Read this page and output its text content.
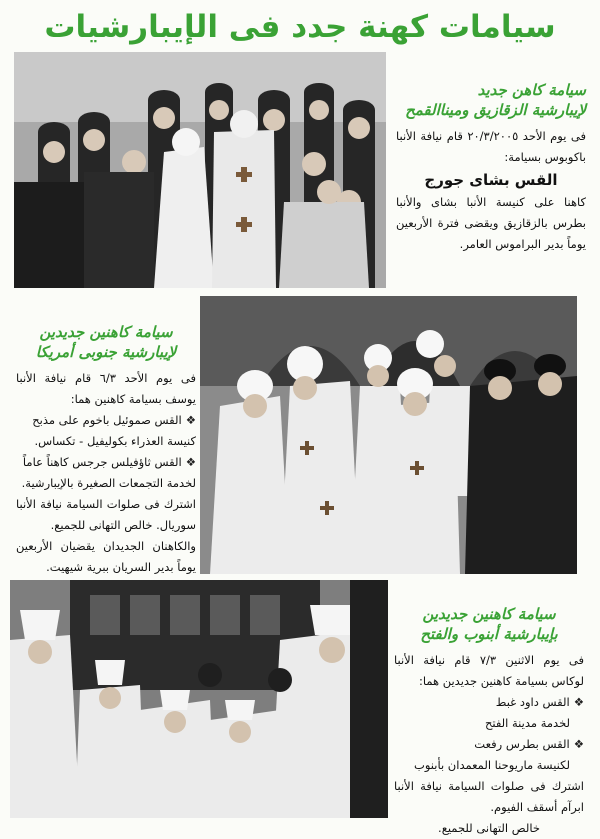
سيامات كهنة جدد فى الإيبارشيات
سيامة كاهن جديد
لإيبارشية الزقازيق وميناالقمح

فى يوم الأحد ٢٠/٣/٢٠٠٥ قام نيافة الأنبا باكوبوس بسيامة:

القس بشاى جورج

كاهنا على كنيسة الأنبا بشاى والأنبا بطرس بالزقازيق ويقضى فترة الأربعين يوماً بدير البراموس العامر.

سيامة كاهنين جديدين
لإيبارشية جنوبى أمريكا

فى يوم الأحد ٦/٣ قام نيافة الأنبا يوسف بسيامة كاهنين هما:

❖القس صموئيل باخوم على مذبح كنيسة العذراء بكوليفيل - تكساس.

❖القس ثاؤفيلس جرجس كاهناً عاماً لخدمة التجمعات الصغيرة بالإيبارشية.

اشترك فى صلوات السيامة نيافة الأنبا سوريال. خالص التهانى للجميع.

والكاهنان الجديدان يقضيان الأربعين يوماً بدير السريان ببرية شيهيت.

سيامة كاهنين جديدين
بإيبارشية أبنوب والفتح

فى يوم الاثنين ٧/٣ قام نيافة الأنبا لوكاس بسيامة كاهنين جديدين هما:

❖القس داود غبط

لخدمة مدينة الفتح

❖القس بطرس رفعت

لكنيسة ماريوحنا المعمدان بأبنوب

اشترك فى صلوات السيامة نيافة الأنبا ابرآم أسقف الفيوم.

خالص التهانى للجميع.
